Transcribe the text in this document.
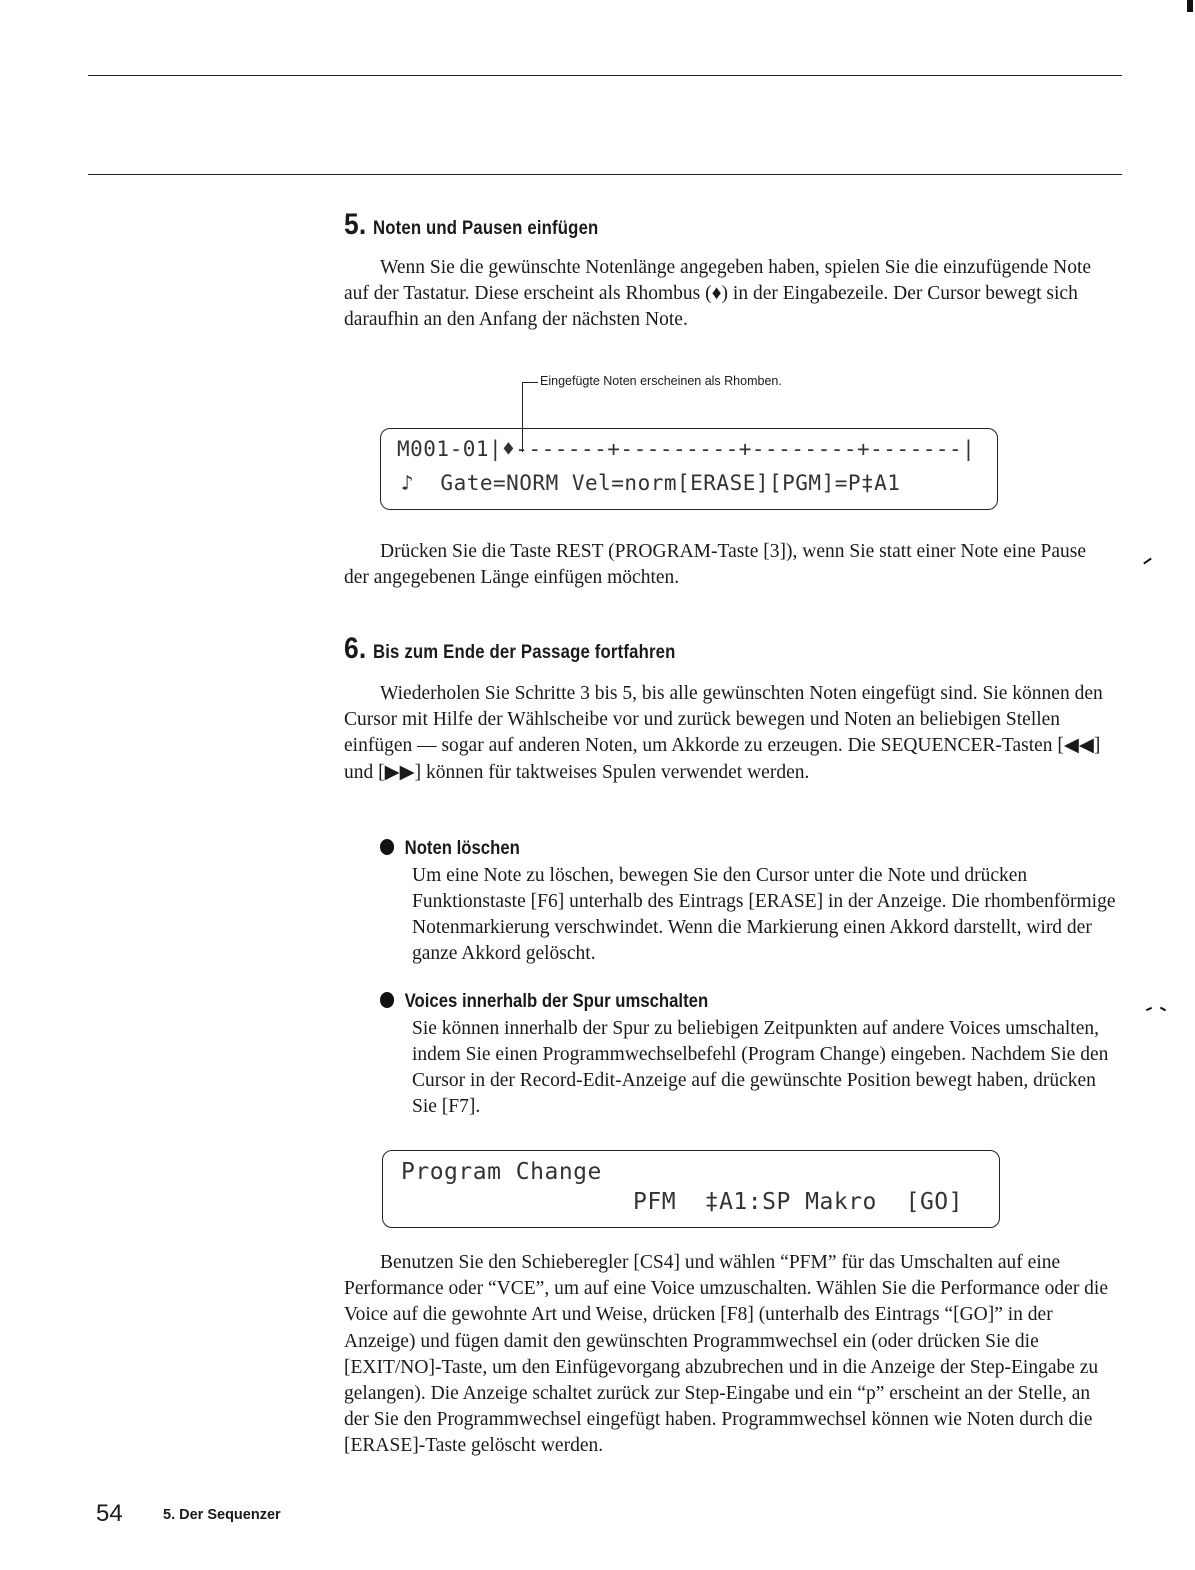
5. Noten und Pausen einfügen
Wenn Sie die gewünschte Notenlänge angegeben haben, spielen Sie die einzufügende Note auf der Tastatur. Diese erscheint als Rhombus (♦) in der Eingabezeile. Der Cursor bewegt sich daraufhin an den Anfang der nächsten Note.
Eingefügte Noten erscheinen als Rhomben.
M001-01|♦-------+---------+--------+-------|
♪  Gate=NORM Vel=norm[ERASE][PGM]=P‡A1
Drücken Sie die Taste REST (PROGRAM-Taste [3]), wenn Sie statt einer Note eine Pause der angegebenen Länge einfügen möchten.
6. Bis zum Ende der Passage fortfahren
Wiederholen Sie Schritte 3 bis 5, bis alle gewünschten Noten eingefügt sind. Sie können den Cursor mit Hilfe der Wählscheibe vor und zurück bewegen und Noten an beliebigen Stellen einfügen — sogar auf anderen Noten, um Akkorde zu erzeugen. Die SEQUENCER-Tasten [◀◀] und [▶▶] können für taktweises Spulen verwendet werden.
Noten löschen
Um eine Note zu löschen, bewegen Sie den Cursor unter die Note und drücken Funktionstaste [F6] unterhalb des Eintrags [ERASE] in der Anzeige. Die rhombenförmige Notenmarkierung verschwindet. Wenn die Markierung einen Akkord darstellt, wird der ganze Akkord gelöscht.
Voices innerhalb der Spur umschalten
Sie können innerhalb der Spur zu beliebigen Zeitpunkten auf andere Voices umschalten, indem Sie einen Programmwechselbefehl (Program Change) eingeben. Nachdem Sie den Cursor in der Record-Edit-Anzeige auf die gewünschte Position bewegt haben, drücken Sie [F7].
Program Change
PFM  ‡A1:SP Makro  [GO]
Benutzen Sie den Schieberegler [CS4] und wählen “PFM” für das Umschalten auf eine Performance oder “VCE”, um auf eine Voice umzuschalten. Wählen Sie die Performance oder die Voice auf die gewohnte Art und Weise, drücken [F8] (unterhalb des Eintrags “[GO]” in der Anzeige) und fügen damit den gewünschten Programmwechsel ein (oder drücken Sie die [EXIT/NO]-Taste, um den Einfügevorgang abzubrechen und in die Anzeige der Step-Eingabe zu gelangen). Die Anzeige schaltet zurück zur Step-Eingabe und ein “p” erscheint an der Stelle, an der Sie den Programmwechsel eingefügt haben. Programmwechsel können wie Noten durch die [ERASE]-Taste gelöscht werden.
54	5. Der Sequenzer
